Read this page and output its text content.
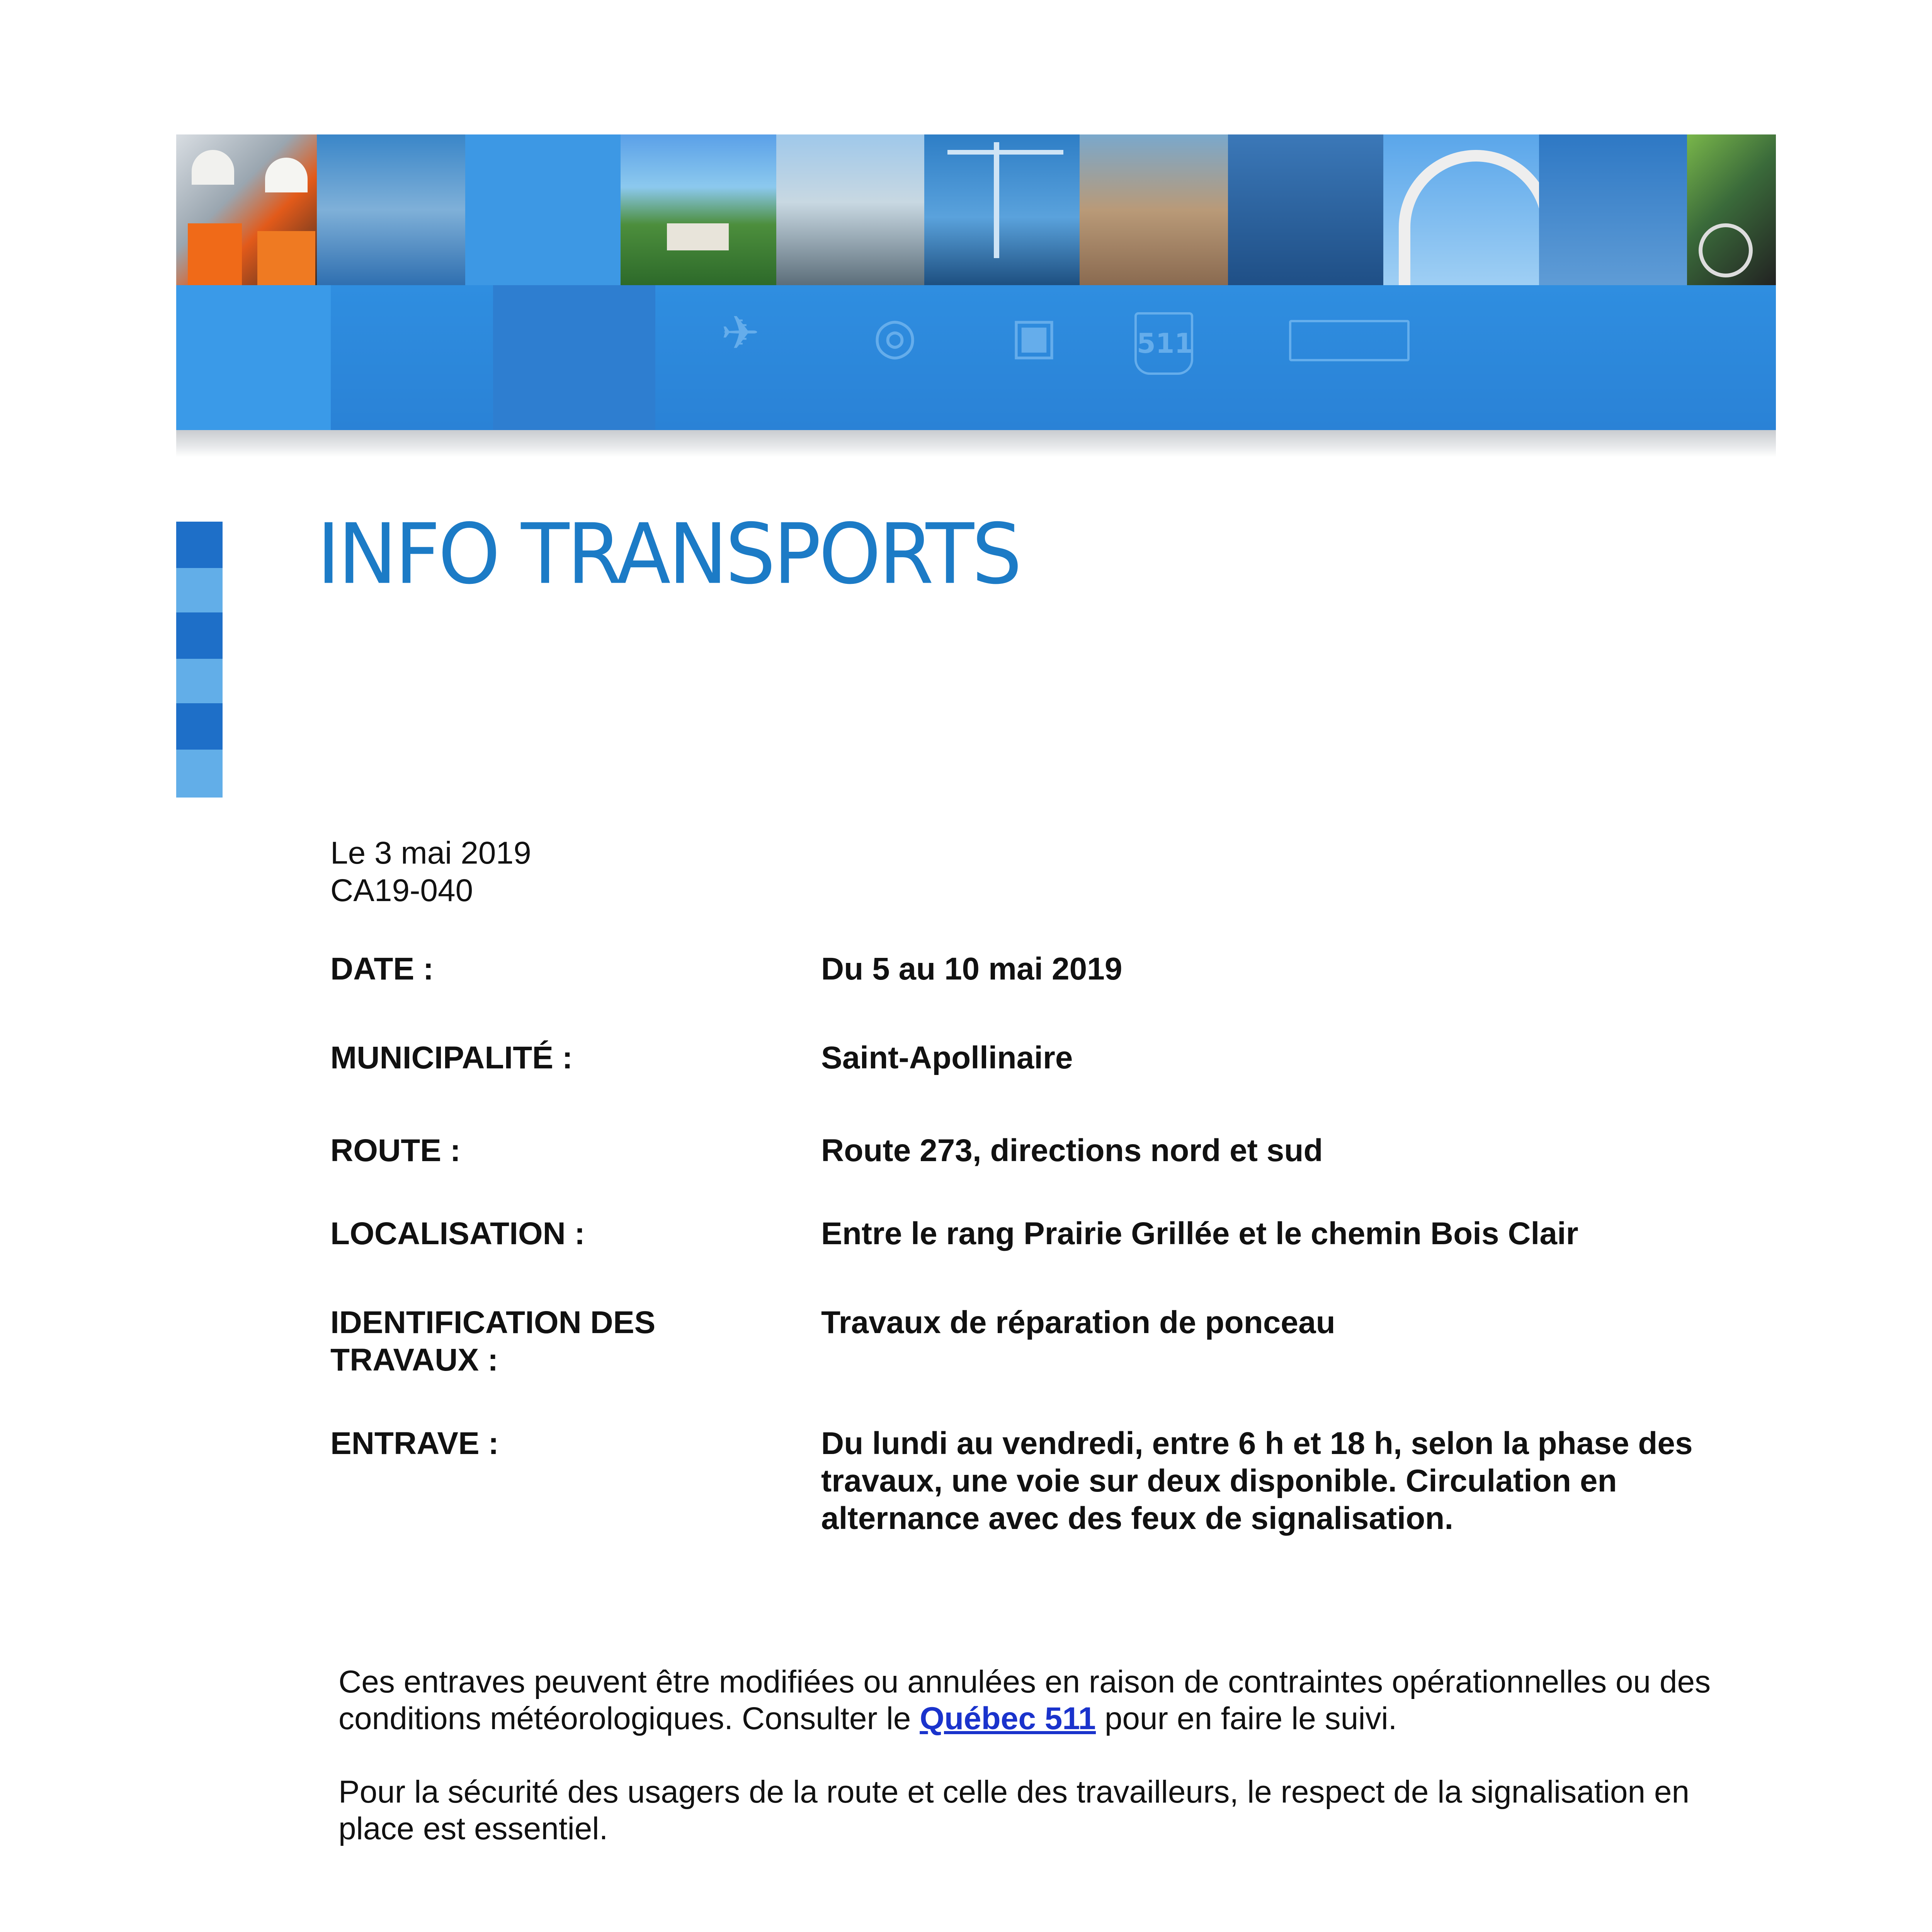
✈ ◎ ▣	511
INFO TRANSPORTS
Le 3 mai 2019
CA19-040
DATE :	Du 5 au 10 mai 2019
MUNICIPALITÉ :	Saint-Apollinaire
ROUTE :	Route 273, directions nord et sud
LOCALISATION :	Entre le rang Prairie Grillée et le chemin Bois Clair
IDENTIFICATION DES
TRAVAUX :
Travaux de réparation de ponceau
ENTRAVE :	Du lundi au vendredi, entre 6 h et 18 h, selon la phase des
travaux, une voie sur deux disponible. Circulation en
alternance avec des feux de signalisation.
Ces entraves peuvent être modifiées ou annulées en raison de contraintes opérationnelles ou des
conditions météorologiques. Consulter le Québec 511 pour en faire le suivi.
Pour la sécurité des usagers de la route et celle des travailleurs, le respect de la signalisation en
place est essentiel.
